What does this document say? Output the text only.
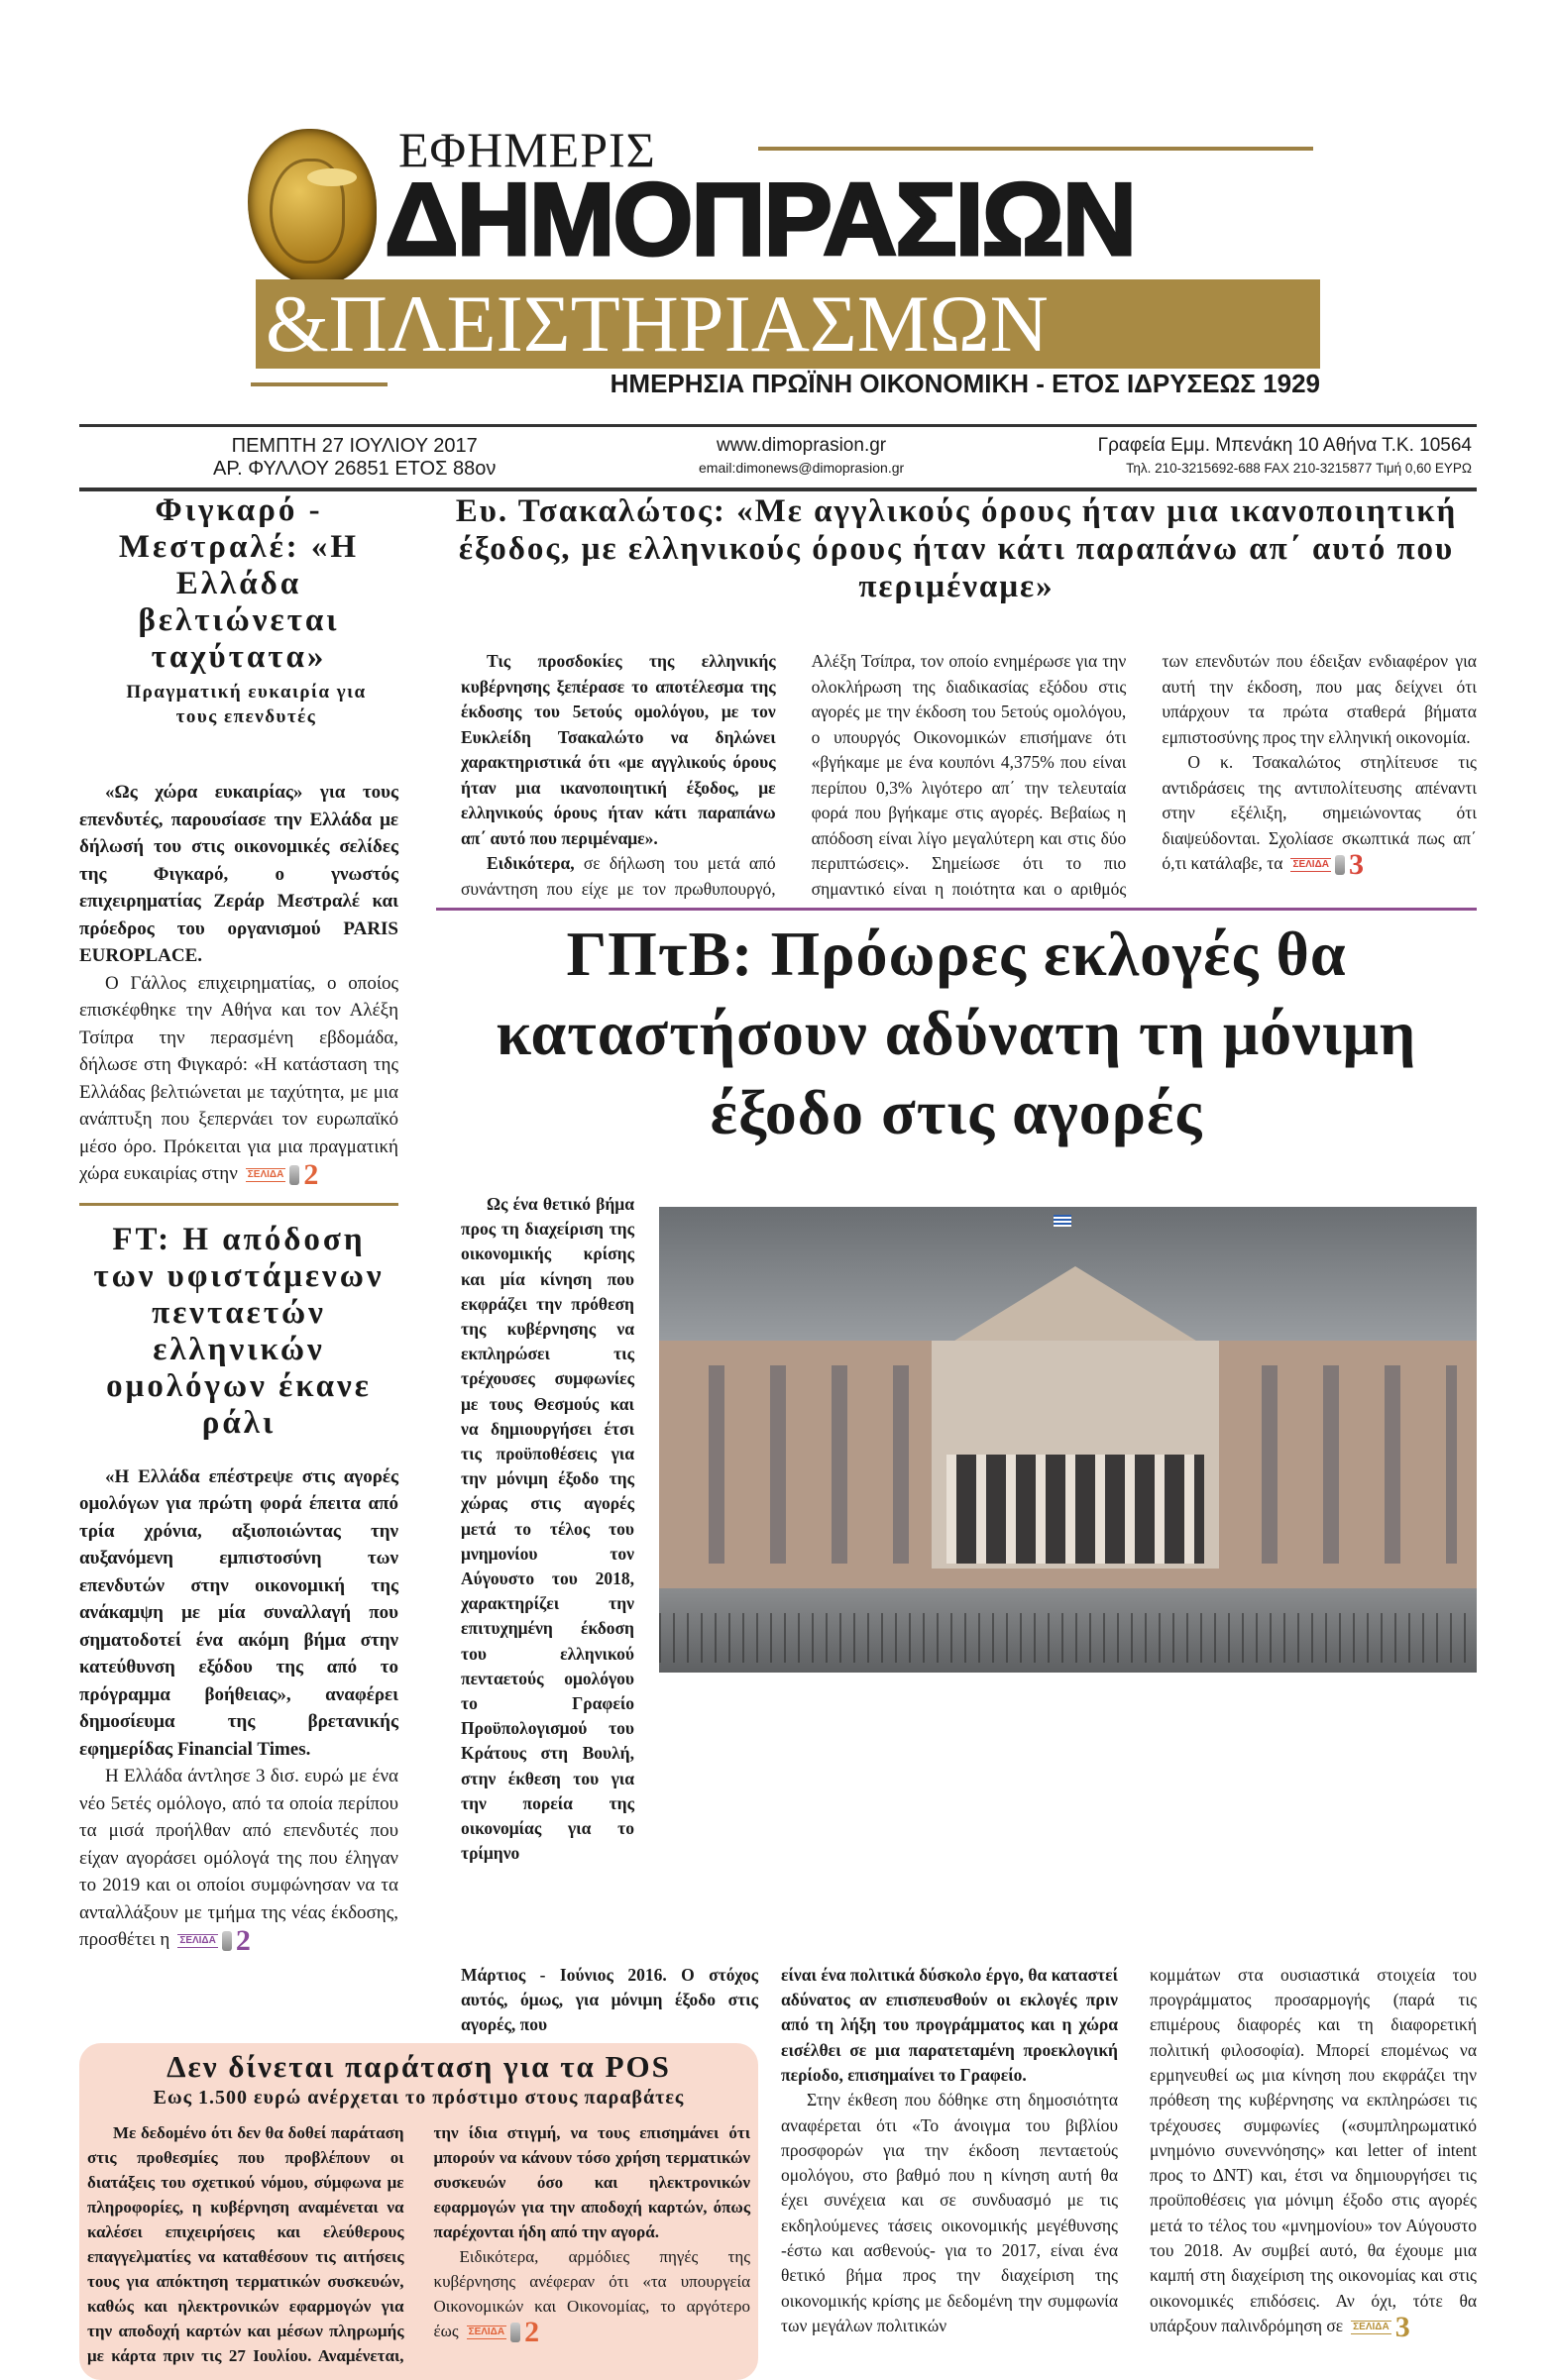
ΕΦΗΜΕΡΙΣ
ΔΗΜΟΠΡΑΣΙΩΝ
&ΠΛΕΙΣΤΗΡΙΑΣΜΩΝ
ΗΜΕΡΗΣΙΑ ΠΡΩΪΝΗ ΟΙΚΟΝΟΜΙΚΗ - ΕΤΟΣ ΙΔΡΥΣΕΩΣ 1929
ΠΕΜΠΤΗ 27 ΙΟΥΛΙΟΥ 2017
ΑΡ. ΦΥΛΛΟΥ 26851 ΕΤΟΣ 88ον
www.dimoprasion.gr
email:dimonews@dimoprasion.gr
Γραφεία Εμμ. Μπενάκη 10 Αθήνα Τ.Κ. 10564
Τηλ. 210-3215692-688 FAX 210-3215877 Τιμή 0,60 ΕΥΡΩ
Φιγκαρό - Μεστραλέ: «Η Ελλάδα βελτιώνεται ταχύτατα»
Πραγματική ευκαιρία για τους επενδυτές

«Ως χώρα ευκαιρίας» για τους επενδυτές, παρουσίασε την Ελλάδα με δήλωσή του στις οικονομικές σελίδες της Φιγκαρό, ο γνωστός επιχειρηματίας Ζεράρ Μεστραλέ και πρόεδρος του οργανισμού PARIS EUROPLACE.

Ο Γάλλος επιχειρηματίας, ο οποίος επισκέφθηκε την Αθήνα και τον Αλέξη Τσίπρα την περασμένη εβδομάδα, δήλωσε στη Φιγκαρό: «Η κατάσταση της Ελλάδας βελτιώνεται με ταχύτητα, με μια ανάπτυξη που ξεπερνάει τον ευρωπαϊκό μέσο όρο. Πρόκειται για μια πραγματική χώρα ευκαιρίας στην ΣΕΛΙΔΑ 2

FT: Η απόδοση των υφιστάμενων πενταετών ελληνικών ομολόγων έκανε ράλι

«Η Ελλάδα επέστρεψε στις αγορές ομολόγων για πρώτη φορά έπειτα από τρία χρόνια, αξιοποιώντας την αυξανόμενη εμπιστοσύνη των επενδυτών στην οικονομική της ανάκαμψη με μία συναλλαγή που σηματοδοτεί ένα ακόμη βήμα στην κατεύθυνση εξόδου της από το πρόγραμμα βοήθειας», αναφέρει δημοσίευμα της βρετανικής εφημερίδας Financial Times.

Η Ελλάδα άντλησε 3 δισ. ευρώ με ένα νέο 5ετές ομόλογο, από τα οποία περίπου τα μισά προήλθαν από επενδυτές που είχαν αγοράσει ομόλογά της που έληγαν το 2019 και οι οποίοι συμφώνησαν να τα ανταλλάξουν με τμήμα της νέας έκδοσης, προσθέτει η ΣΕΛΙΔΑ 2

Ευ. Τσακαλώτος: «Με αγγλικούς όρους ήταν μια ικανοποιητική έξοδος, με ελληνικούς όρους ήταν κάτι παραπάνω απ΄ αυτό που περιμέναμε»

Τις προσδοκίες της ελληνικής κυβέρνησης ξεπέρασε το αποτέλεσμα της έκδοσης του 5ετούς ομολόγου, με τον Ευκλείδη Τσακαλώτο να δηλώνει χαρακτηριστικά ότι «με αγγλικούς όρους ήταν μια ικανοποιητική έξοδος, με ελληνικούς όρους ήταν κάτι παραπάνω απ΄ αυτό που περιμέναμε».

Ειδικότερα, σε δήλωση του μετά από συνάντηση που είχε με τον πρωθυπουργό, Αλέξη Τσίπρα, τον οποίο ενημέρωσε για την ολοκλήρωση της διαδικασίας εξόδου στις αγορές με την έκδοση του 5ετούς ομολόγου, ο υπουργός Οικονομικών επισήμανε ότι «βγήκαμε με ένα κουπόνι 4,375% που είναι περίπου 0,3% λιγότερο απ΄ την τελευταία φορά που βγήκαμε στις αγορές. Βεβαίως η απόδοση είναι λίγο μεγαλύτερη και στις δύο περιπτώσεις». Σημείωσε ότι το πιο σημαντικό είναι η ποιότητα και ο αριθμός των επενδυτών που έδειξαν ενδιαφέρον για αυτή την έκδοση, που μας δείχνει ότι υπάρχουν τα πρώτα σταθερά βήματα εμπιστοσύνης προς την ελληνική οικονομία.

Ο κ. Τσακαλώτος στηλίτευσε τις αντιδράσεις της αντιπολίτευσης απέναντι στην εξέλιξη, σημειώνοντας ότι διαψεύδονται. Σχολίασε σκωπτικά πως απ΄ ό,τι κατάλαβε, τα ΣΕΛΙΔΑ 3

ΓΠτΒ: Πρόωρες εκλογές θα καταστήσουν αδύνατη τη μόνιμη έξοδο στις αγορές

Ως ένα θετικό βήμα προς τη διαχείριση της οικονομικής κρίσης και μία κίνηση που εκφράζει την πρόθεση της κυβέρνησης να εκπληρώσει τις τρέχουσες συμφωνίες με τους Θεσμούς και να δημιουργήσει έτσι τις προϋποθέσεις για την μόνιμη έξοδο της χώρας στις αγορές μετά το τέλος του μνημονίου τον Αύγουστο του 2018, χαρακτηρίζει την επιτυχημένη έκδοση του ελληνικού πενταετούς ομολόγου το Γραφείο Προϋπολογισμού του Κράτους στη Βουλή, στην έκθεση του για την πορεία της οικονομίας για το τρίμηνο

Μάρτιος - Ιούνιος 2016. Ο στόχος αυτός, όμως, για μόνιμη έξοδο στις αγορές, που

Δεν δίνεται παράταση για τα POS
Εως 1.500 ευρώ ανέρχεται το πρόστιμο στους παραβάτες

Με δεδομένο ότι δεν θα δοθεί παράταση στις προθεσμίες που προβλέπουν οι διατάξεις του σχετικού νόμου, σύμφωνα με πληροφορίες, η κυβέρνηση αναμένεται να καλέσει επιχειρήσεις και ελεύθερους επαγγελματίες να καταθέσουν τις αιτήσεις τους για απόκτηση τερματικών συσκευών, καθώς και ηλεκτρονικών εφαρμογών για την αποδοχή καρτών και μέσων πληρωμής με κάρτα πριν τις 27 Ιουλίου. Αναμένεται, την ίδια στιγμή, να τους επισημάνει ότι μπορούν να κάνουν τόσο χρήση τερματικών συσκευών όσο και ηλεκτρονικών εφαρμογών για την αποδοχή καρτών, όπως παρέχονται ήδη από την αγορά.

Ειδικότερα, αρμόδιες πηγές της κυβέρνησης ανέφεραν ότι «τα υπουργεία Οικονομικών και Οικονομίας, το αργότερο έως ΣΕΛΙΔΑ 2

είναι ένα πολιτικά δύσκολο έργο, θα καταστεί αδύνατος αν επισπευσθούν οι εκλογές πριν από τη λήξη του προγράμματος και η χώρα εισέλθει σε μια παρατεταμένη προεκλογική περίοδο, επισημαίνει το Γραφείο.

Στην έκθεση που δόθηκε στη δημοσιότητα αναφέρεται ότι «Το άνοιγμα του βιβλίου προσφορών για την έκδοση πενταετούς ομολόγου, στο βαθμό που η κίνηση αυτή θα έχει συνέχεια και σε συνδυασμό με τις εκδηλούμενες τάσεις οικονομικής μεγέθυνσης -έστω και ασθενούς- για το 2017, είναι ένα θετικό βήμα προς την διαχείριση της οικονομικής κρίσης με δεδομένη την συμφωνία των μεγάλων πολιτικών

κομμάτων στα ουσιαστικά στοιχεία του προγράμματος προσαρμογής (παρά τις επιμέρους διαφορές και τη διαφορετική πολιτική φιλοσοφία). Μπορεί επομένως να ερμηνευθεί ως μια κίνηση που εκφράζει την πρόθεση της κυβέρνησης να εκπληρώσει τις τρέχουσες συμφωνίες («συμπληρωματικό μνημόνιο συνεννόησης» και letter of intent προς το ΔΝΤ) και, έτσι να δημιουργήσει τις προϋποθέσεις για μόνιμη έξοδο στις αγορές μετά το τέλος του «μνημονίου» τον Αύγουστο του 2018. Αν συμβεί αυτό, θα έχουμε μια καμπή στη διαχείριση της οικονομίας και στις οικονομικές επιδόσεις. Αν όχι, τότε θα υπάρξουν παλινδρόμηση σε ΣΕΛΙΔΑ 3
